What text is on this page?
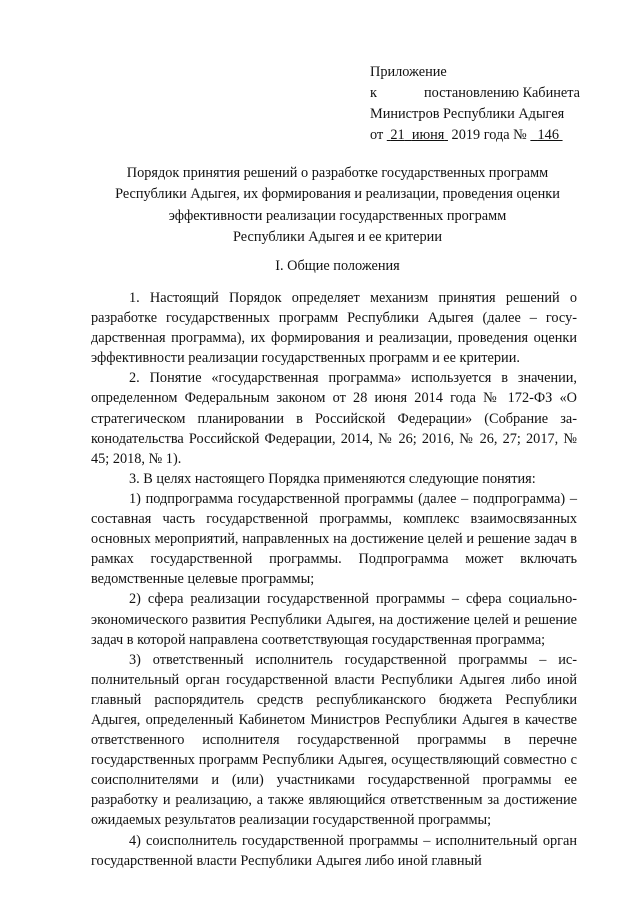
Приложение
к	постановлению Кабинета
Министров Республики Адыгея
от 21 июня 2019 года № 146
Порядок принятия решений о разработке государственных программ
Республики Адыгея, их формирования и реализации, проведения оценки
эффективности реализации государственных программ
Республики Адыгея и ее критерии
I. Общие положения

1. Настоящий Порядок определяет механизм принятия решений о разработке государственных программ Республики Адыгея (далее – государственная программа), их формирования и реализации, проведения оценки эффективности реализации государственных программ и ее критерии.

2. Понятие «государственная программа» используется в значении, определенном Федеральным законом от 28 июня 2014 года № 172-ФЗ «О стратегическом планировании в Российской Федерации» (Собрание законодательства Российской Федерации, 2014, № 26; 2016, № 26, 27; 2017, № 45; 2018, № 1).

3. В целях настоящего Порядка применяются следующие понятия:

1) подпрограмма государственной программы (далее – подпрограмма) – составная часть государственной программы, комплекс взаимосвязанных основных мероприятий, направленных на достижение целей и решение задач в рамках государственной программы. Подпрограмма может включать ведомственные целевые программы;

2) сфера реализации государственной программы – сфера социально-экономического развития Республики Адыгея, на достижение целей и решение задач в которой направлена соответствующая государственная программа;

3) ответственный исполнитель государственной программы – исполнительный орган государственной власти Республики Адыгея либо иной главный распорядитель средств республиканского бюджета Республики Адыгея, определенный Кабинетом Министров Республики Адыгея в качестве ответственного исполнителя государственной программы в перечне государственных программ Республики Адыгея, осуществляющий совместно с соисполнителями и (или) участниками государственной программы ее разработку и реализацию, а также являющийся ответственным за достижение ожидаемых результатов реализации государственной программы;

4) соисполнитель государственной программы – исполнительный орган государственной власти Республики Адыгея либо иной главный
